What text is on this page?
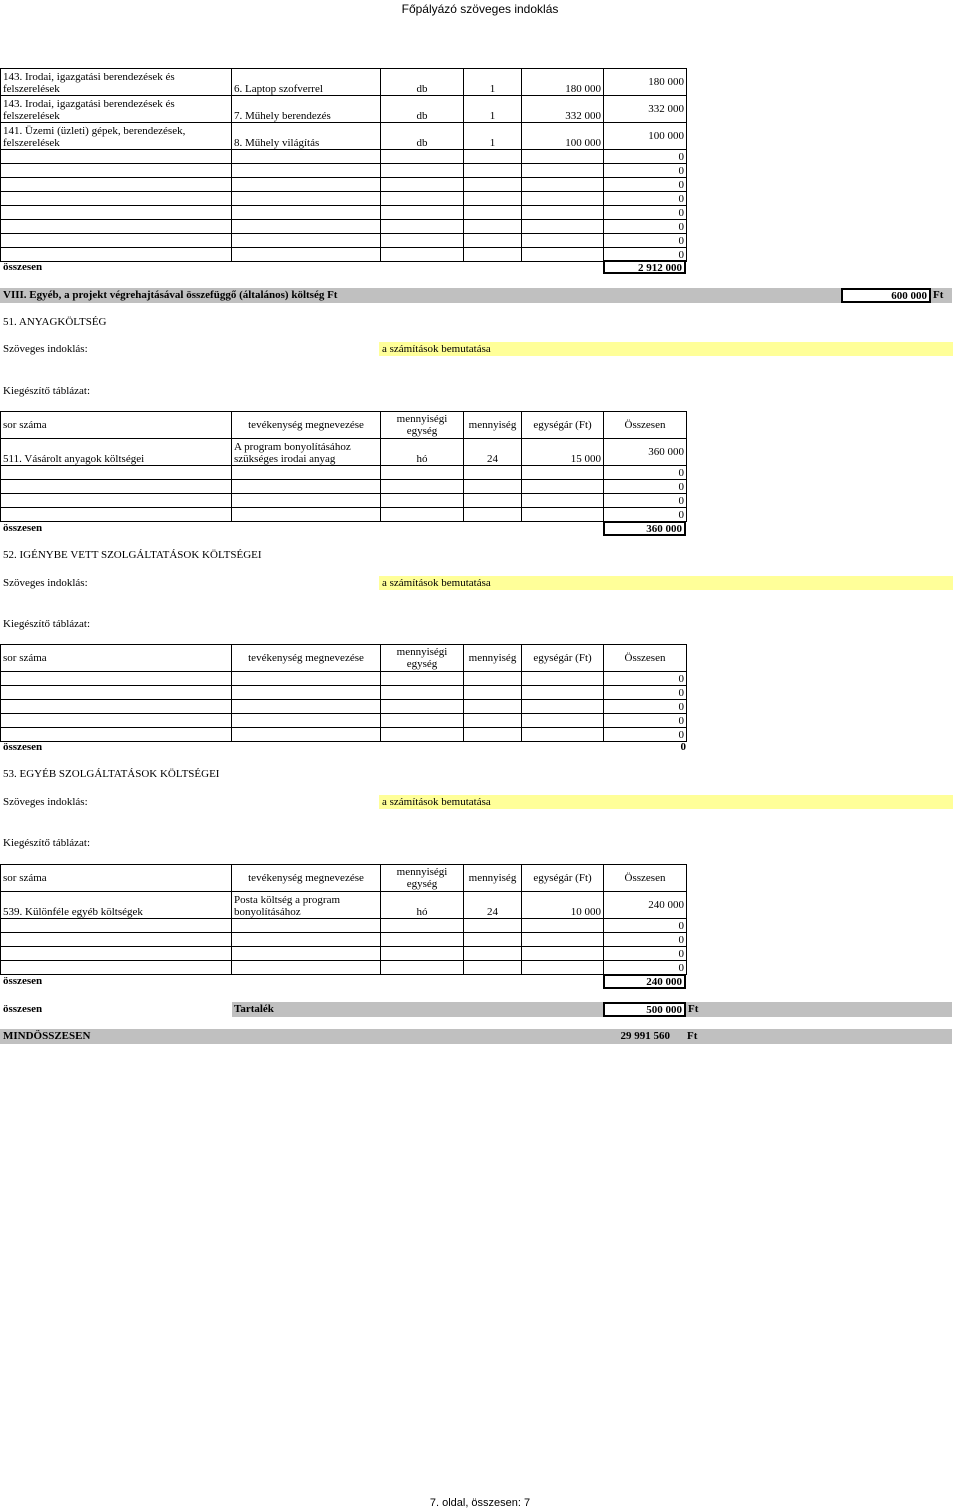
Főpályázó szöveges indoklás
143. Irodai, igazgatási berendezések és felszerelések	6. Laptop szofverrel	db	1	180 000	180 000
143. Irodai, igazgatási berendezések és felszerelések	7. Műhely berendezés	db	1	332 000	332 000
141. Üzemi (üzleti) gépek, berendezések, felszerelések	8. Műhely világítás	db	1	100 000	100 000
					0
					0
					0
					0
					0
					0
					0
					0
összesen	2 912 000
VIII. Egyéb, a projekt végrehajtásával összefüggő (általános) költség Ft	600 000 Ft
51. ANYAGKÖLTSÉG
Szöveges indoklás:	a számítások bemutatása
Kiegészítő táblázat:
sor száma	tevékenység megnevezése	mennyiségi egység	mennyiség	egységár (Ft)	Összesen
511. Vásárolt anyagok költségei	A program bonyolításához szükséges irodai anyag	hó	24	15 000	360 000
					0
					0
					0
					0
összesen	360 000
52. IGÉNYBE VETT SZOLGÁLTATÁSOK KÖLTSÉGEI
Szöveges indoklás:	a számítások bemutatása
Kiegészítő táblázat:
sor száma	tevékenység megnevezése	mennyiségi egység	mennyiség	egységár (Ft)	Összesen
					0
					0
					0
					0
					0
összesen	0
53. EGYÉB SZOLGÁLTATÁSOK KÖLTSÉGEI
Szöveges indoklás:	a számítások bemutatása
Kiegészítő táblázat:
sor száma	tevékenység megnevezése	mennyiségi egység	mennyiség	egységár (Ft)	Összesen
539. Különféle egyéb költségek	Posta költség a program bonyolításához	hó	24	10 000	240 000
					0
					0
					0
					0
összesen	240 000
összesen	Tartalék	500 000 Ft
MINDÖSSZESEN	29 991 560 Ft
7. oldal, összesen: 7
